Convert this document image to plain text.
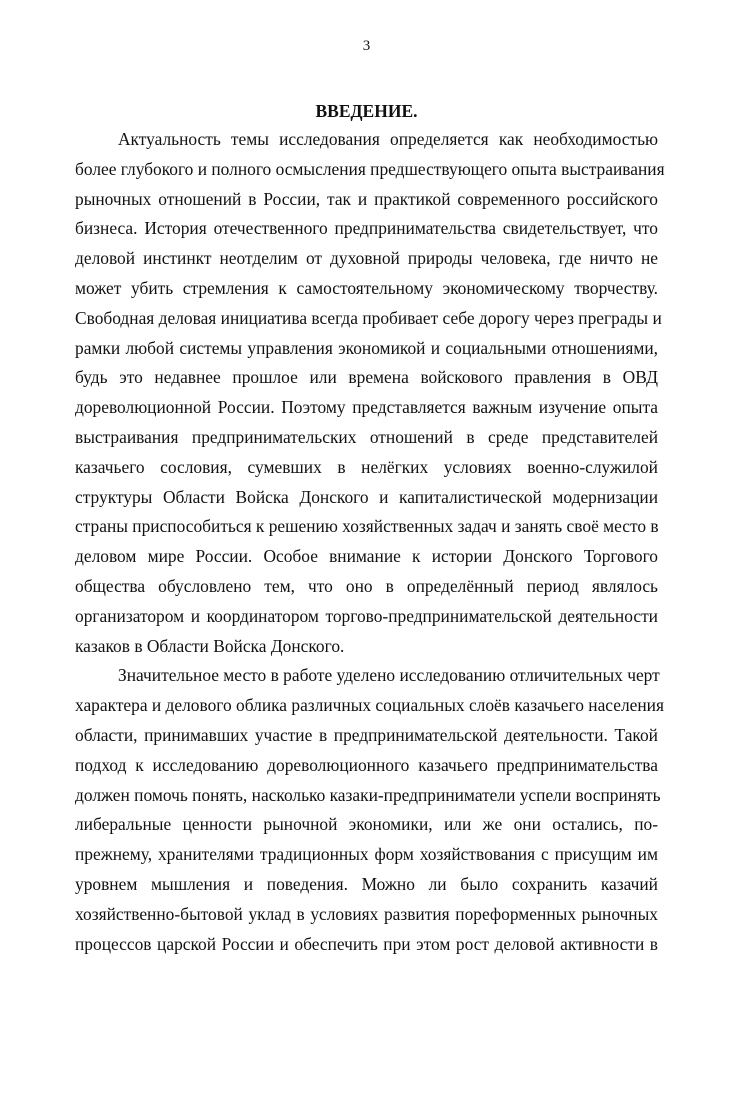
3
ВВЕДЕНИЕ.
Актуальность темы исследования определяется как необходимостью
более глубокого и полного осмысления предшествующего опыта выстраивания
рыночных отношений в России, так и практикой современного российского
бизнеса. История отечественного предпринимательства свидетельствует, что
деловой инстинкт неотделим от духовной природы человека, где ничто не
может убить стремления к самостоятельному экономическому творчеству.
Свободная деловая инициатива всегда пробивает себе дорогу через преграды и
рамки любой системы управления экономикой и социальными отношениями,
будь это недавнее прошлое или времена войскового правления в ОВД
дореволюционной России. Поэтому представляется важным изучение опыта
выстраивания предпринимательских отношений в среде представителей
казачьего сословия, сумевших в нелёгких условиях военно-служилой
структуры Области Войска Донского и капиталистической модернизации
страны приспособиться к решению хозяйственных задач и занять своё место в
деловом мире России. Особое внимание к истории Донского Торгового
общества обусловлено тем, что оно в определённый период являлось
организатором и координатором торгово-предпринимательской деятельности
казаков в Области Войска Донского.
Значительное место в работе уделено исследованию отличительных черт
характера и делового облика различных социальных слоёв казачьего населения
области, принимавших участие в предпринимательской деятельности. Такой
подход к исследованию дореволюционного казачьего предпринимательства
должен помочь понять, насколько казаки-предприниматели успели воспринять
либеральные ценности рыночной экономики, или же они остались, по-
прежнему, хранителями традиционных форм хозяйствования с присущим им
уровнем мышления и поведения. Можно ли было сохранить казачий
хозяйственно-бытовой уклад в условиях развития пореформенных рыночных
процессов царской России и обеспечить при этом рост деловой активности в
